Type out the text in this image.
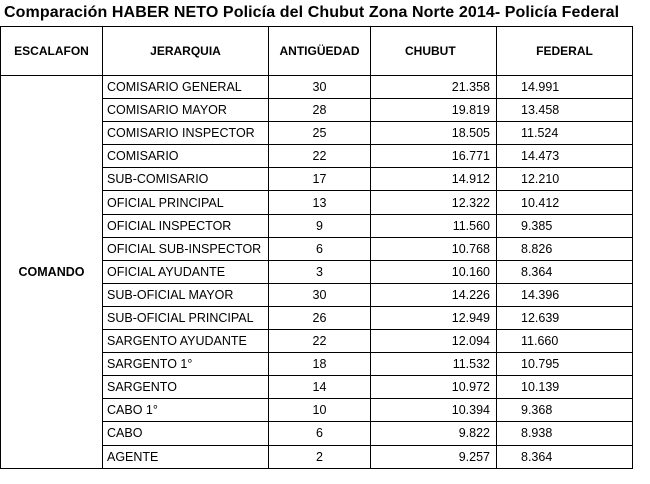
Comparación HABER NETO Policía del Chubut Zona Norte 2014- Policía Federal
ESCALAFON	JERARQUIA	ANTIGÜEDAD	CHUBUT	FEDERAL
COMANDO	COMISARIO GENERAL	30	21.358	14.991
	COMISARIO MAYOR	28	19.819	13.458
	COMISARIO INSPECTOR	25	18.505	11.524
	COMISARIO	22	16.771	14.473
	SUB-COMISARIO	17	14.912	12.210
	OFICIAL PRINCIPAL	13	12.322	10.412
	OFICIAL INSPECTOR	9	11.560	9.385
	OFICIAL SUB-INSPECTOR	6	10.768	8.826
	OFICIAL AYUDANTE	3	10.160	8.364
	SUB-OFICIAL MAYOR	30	14.226	14.396
	SUB-OFICIAL PRINCIPAL	26	12.949	12.639
	SARGENTO AYUDANTE	22	12.094	11.660
	SARGENTO 1°	18	11.532	10.795
	SARGENTO	14	10.972	10.139
	CABO 1°	10	10.394	9.368
	CABO	6	9.822	8.938
	AGENTE	2	9.257	8.364
